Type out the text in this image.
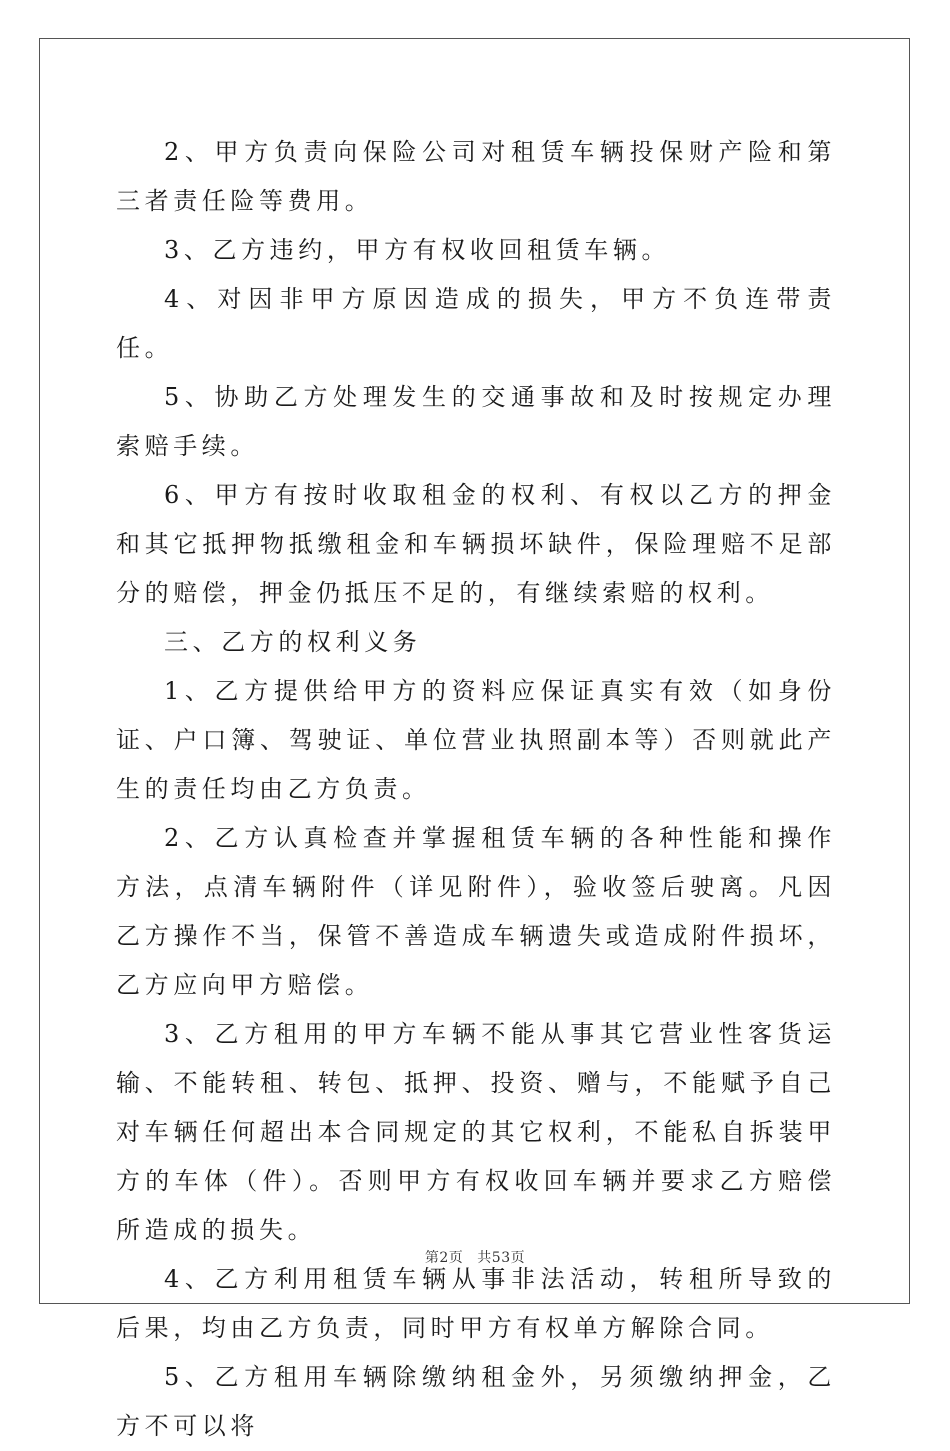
2、甲方负责向保险公司对租赁车辆投保财产险和第三者责任险等费用。

3、乙方违约，甲方有权收回租赁车辆。

4、对因非甲方原因造成的损失，甲方不负连带责任。

5、协助乙方处理发生的交通事故和及时按规定办理索赔手续。

6、甲方有按时收取租金的权利、有权以乙方的押金和其它抵押物抵缴租金和车辆损坏缺件，保险理赔不足部分的赔偿，押金仍抵压不足的，有继续索赔的权利。

三、乙方的权利义务

1、乙方提供给甲方的资料应保证真实有效（如身份证、户口簿、驾驶证、单位营业执照副本等）否则就此产生的责任均由乙方负责。

2、乙方认真检查并掌握租赁车辆的各种性能和操作方法，点清车辆附件（详见附件），验收签后驶离。凡因乙方操作不当，保管不善造成车辆遗失或造成附件损坏，乙方应向甲方赔偿。

3、乙方租用的甲方车辆不能从事其它营业性客货运输、不能转租、转包、抵押、投资、赠与，不能赋予自己对车辆任何超出本合同规定的其它权利，不能私自拆装甲方的车体（件）。否则甲方有权收回车辆并要求乙方赔偿所造成的损失。

4、乙方利用租赁车辆从事非法活动，转租所导致的后果，均由乙方负责，同时甲方有权单方解除合同。

5、乙方租用车辆除缴纳租金外，另须缴纳押金，乙方不可以将

第2页 共53页
